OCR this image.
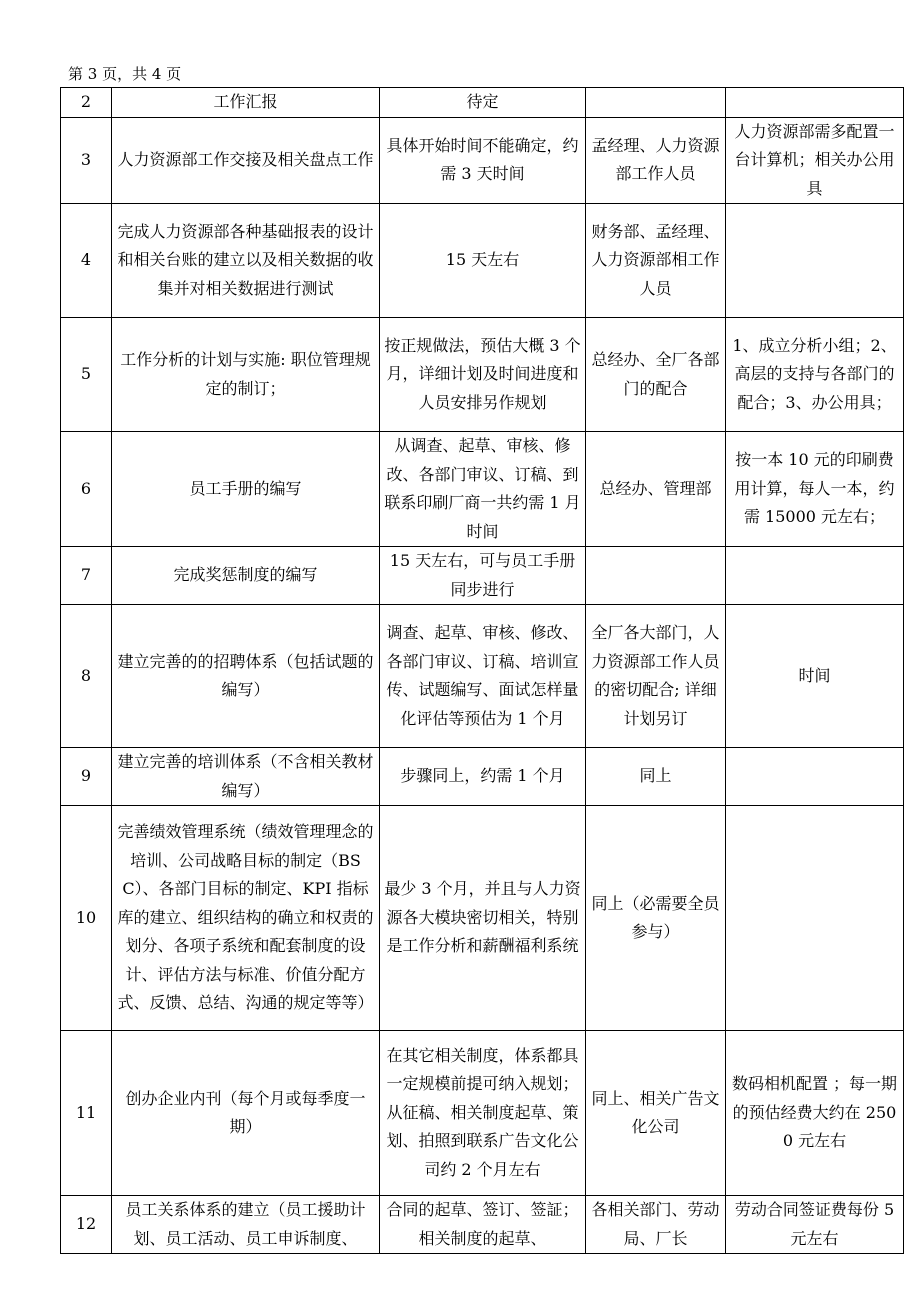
第 3 页，共 4 页
2	工作汇报	待定		
3	人力资源部工作交接及相关盘点工作	具体开始时间不能确定，约需 3 天时间	孟经理、人力资源部工作人员	人力资源部需多配置一台计算机；相关办公用具
4	完成人力资源部各种基础报表的设计和相关台账的建立以及相关数据的收集并对相关数据进行测试	15 天左右	财务部、孟经理、人力资源部相工作人员	
5	工作分析的计划与实施: 职位管理规定的制订；	按正规做法，预估大概 3 个月，详细计划及时间进度和人员安排另作规划	总经办、全厂各部门的配合	1、成立分析小组；2、高层的支持与各部门的配合；3、办公用具；
6	员工手册的编写	从调查、起草、审核、修改、各部门审议、订稿、到联系印刷厂商一共约需 1 月时间	总经办、管理部	按一本 10 元的印刷费用计算，每人一本，约需 15000 元左右；
7	完成奖惩制度的编写	15 天左右，可与员工手册同步进行		
8	建立完善的的招聘体系（包括试题的编写）	调查、起草、审核、修改、各部门审议、订稿、培训宣传、试题编写、面试怎样量化评估等预估为 1 个月	全厂各大部门，人力资源部工作人员的密切配合; 详细计划另订	时间
9	建立完善的培训体系（不含相关教材编写）	步骤同上，约需 1 个月	同上	
10	完善绩效管理系统（绩效管理理念的培训、公司战略目标的制定（BSC）、各部门目标的制定、KPI 指标库的建立、组织结构的确立和权责的划分、各项子系统和配套制度的设计、评估方法与标准、价值分配方式、反馈、总结、沟通的规定等等）	最少 3 个月，并且与人力资源各大模块密切相关，特别是工作分析和薪酬福利系统	同上（必需要全员参与）	
11	创办企业内刊（每个月或每季度一期）	在其它相关制度，体系都具一定规模前提可纳入规划；从征稿、相关制度起草、策划、拍照到联系广告文化公司约 2 个月左右	同上、相关广告文化公司	数码相机配置 ；每一期的预估经费大约在 2500 元左右
12	员工关系体系的建立（员工援助计划、员工活动、员工申诉制度、	合同的起草、签订、签証；相关制度的起草、	各相关部门、劳动局、厂长	劳动合同签证费每份 5 元左右
